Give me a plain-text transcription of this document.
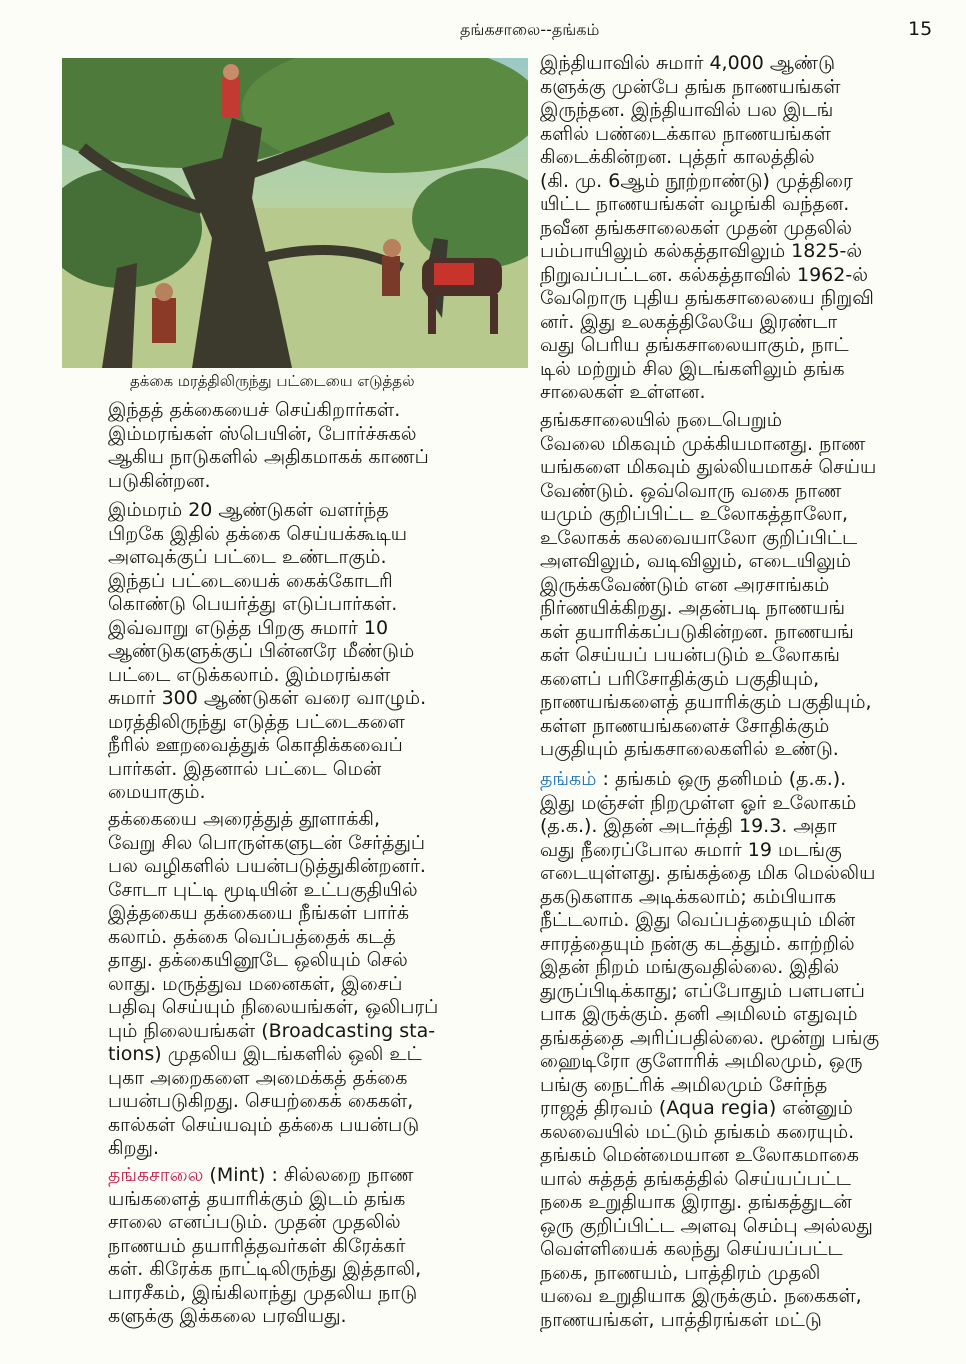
தங்கசாலை--தங்கம்	15
தக்கை மரத்திலிருந்து பட்டையை எடுத்தல்
இந்தத் தக்கையைச் செய்கிறார்கள்.
இம்மரங்கள் ஸ்பெயின், போர்ச்சுகல்
ஆகிய நாடுகளில் அதிகமாகக் காணப்
படுகின்றன.
இம்மரம் 20 ஆண்டுகள் வளர்ந்த
பிறகே இதில் தக்கை செய்யக்கூடிய
அளவுக்குப் பட்டை உண்டாகும்.
இந்தப் பட்டையைக் கைக்கோடரி
கொண்டு பெயர்த்து எடுப்பார்கள்.
இவ்வாறு எடுத்த பிறகு சுமார் 10
ஆண்டுகளுக்குப் பின்னரே மீண்டும்
பட்டை எடுக்கலாம். இம்மரங்கள்
சுமார் 300 ஆண்டுகள் வரை வாழும்.
மரத்திலிருந்து எடுத்த பட்டைகளை
நீரில் ஊறவைத்துக் கொதிக்கவைப்
பார்கள். இதனால் பட்டை மென்
மையாகும்.
தக்கையை அரைத்துத் தூளாக்கி,
வேறு சில பொருள்களுடன் சேர்த்துப்
பல வழிகளில் பயன்படுத்துகின்றனர்.
சோடா புட்டி மூடியின் உட்பகுதியில்
இத்தகைய தக்கையை நீங்கள் பார்க்
கலாம். தக்கை வெப்பத்தைக் கடத்
தாது. தக்கையினூடே ஒலியும் செல்
லாது. மருத்துவ மனைகள், இசைப்
பதிவு செய்யும் நிலையங்கள், ஒலிபரப்
பும் நிலையங்கள் (Broadcasting sta-
tions) முதலிய இடங்களில் ஒலி உட்
புகா அறைகளை அமைக்கத் தக்கை
பயன்படுகிறது. செயற்கைக் கைகள்,
கால்கள் செய்யவும் தக்கை பயன்படு
கிறது.
தங்கசாலை (Mint) : சில்லறை நாண
யங்களைத் தயாரிக்கும் இடம் தங்க
சாலை எனப்படும். முதன் முதலில்
நாணயம் தயாரித்தவர்கள் கிரேக்கர்
கள். கிரேக்க நாட்டிலிருந்து இத்தாலி,
பாரசீகம், இங்கிலாந்து முதலிய நாடு
களுக்கு இக்கலை பரவியது.
இந்தியாவில் சுமார் 4,000 ஆண்டு
களுக்கு முன்பே தங்க நாணயங்கள்
இருந்தன. இந்தியாவில் பல இடங்
களில் பண்டைக்கால நாணயங்கள்
கிடைக்கின்றன. புத்தர் காலத்தில்
(கி. மு. 6ஆம் நூற்றாண்டு) முத்திரை
யிட்ட நாணயங்கள் வழங்கி வந்தன.
நவீன தங்கசாலைகள் முதன் முதலில்
பம்பாயிலும் கல்கத்தாவிலும் 1825-ல்
நிறுவப்பட்டன. கல்கத்தாவில் 1962-ல்
வேறொரு புதிய தங்கசாலையை நிறுவி
னர். இது உலகத்திலேயே இரண்டா
வது பெரிய தங்கசாலையாகும், நாட்
டில் மற்றும் சில இடங்களிலும் தங்க
சாலைகள் உள்ளன.
தங்கசாலையில் நடைபெறும்
வேலை மிகவும் முக்கியமானது. நாண
யங்களை மிகவும் துல்லியமாகச் செய்ய
வேண்டும். ஒவ்வொரு வகை நாண
யமும் குறிப்பிட்ட உலோகத்தாலோ,
உலோகக் கலவையாலோ குறிப்பிட்ட
அளவிலும், வடிவிலும், எடையிலும்
இருக்கவேண்டும் என அரசாங்கம்
நிர்ணயிக்கிறது. அதன்படி நாணயங்
கள் தயாரிக்கப்படுகின்றன. நாணயங்
கள் செய்யப் பயன்படும் உலோகங்
களைப் பரிசோதிக்கும் பகுதியும்,
நாணயங்களைத் தயாரிக்கும் பகுதியும்,
கள்ள நாணயங்களைச் சோதிக்கும்
பகுதியும் தங்கசாலைகளில் உண்டு.
தங்கம் : தங்கம் ஒரு தனிமம் (த.க.).
இது மஞ்சள் நிறமுள்ள ஓர் உலோகம்
(த.க.). இதன் அடர்த்தி 19.3. அதா
வது நீரைப்போல சுமார் 19 மடங்கு
எடையுள்ளது. தங்கத்தை மிக மெல்லிய
தகடுகளாக அடிக்கலாம்; கம்பியாக
நீட்டலாம். இது வெப்பத்தையும் மின்
சாரத்தையும் நன்கு கடத்தும். காற்றில்
இதன் நிறம் மங்குவதில்லை. இதில்
துருப்பிடிக்காது; எப்போதும் பளபளப்
பாக இருக்கும். தனி அமிலம் எதுவும்
தங்கத்தை அரிப்பதில்லை. மூன்று பங்கு
ஹைடிரோ குளோரிக் அமிலமும், ஒரு
பங்கு நைட்ரிக் அமிலமும் சேர்ந்த
ராஜத் திரவம் (Aqua regia) என்னும்
கலவையில் மட்டும் தங்கம் கரையும்.
தங்கம் மென்மையான உலோகமாகை
யால் சுத்தத் தங்கத்தில் செய்யப்பட்ட
நகை உறுதியாக இராது. தங்கத்துடன்
ஒரு குறிப்பிட்ட அளவு செம்பு அல்லது
வெள்ளியைக் கலந்து செய்யப்பட்ட
நகை, நாணயம், பாத்திரம் முதலி
யவை உறுதியாக இருக்கும். நகைகள்,
நாணயங்கள், பாத்திரங்கள் மட்டு
